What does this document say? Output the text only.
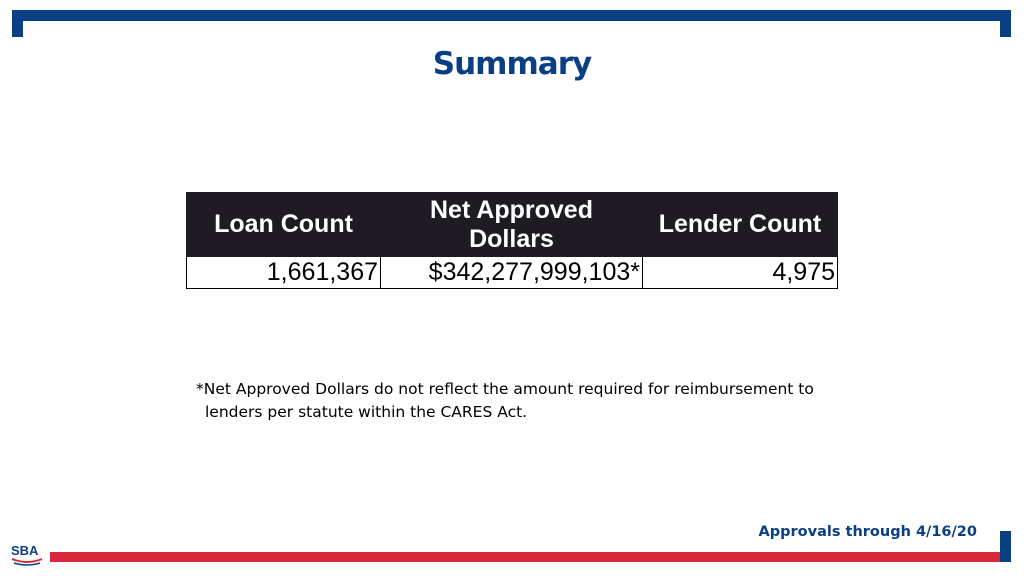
Summary
Loan Count	Net Approved Dollars	Lender Count
1,661,367	$342,277,999,103*	4,975

*Net Approved Dollars do not reflect the amount required for reimbursement to
lenders per statute within the CARES Act.

SBA

Approvals through 4/16/20
